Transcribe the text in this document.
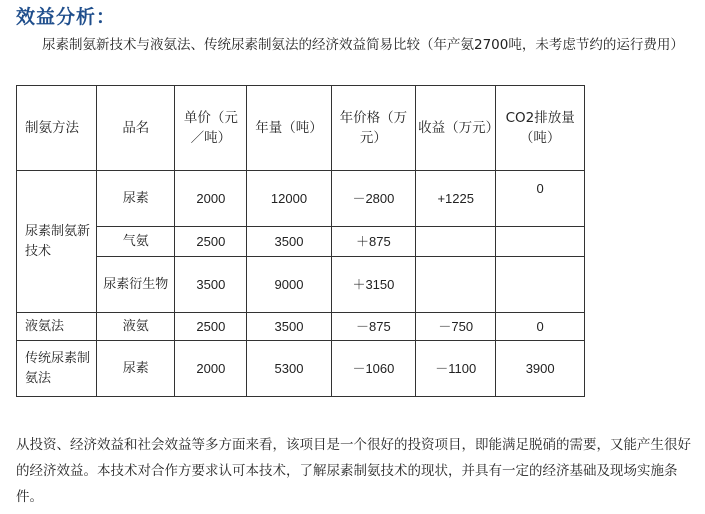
效益分析：
尿素制氨新技术与液氨法、传统尿素制氨法的经济效益简易比较（年产氨2700吨，未考虑节约的运行费用）
制氨方法	品名	单价（元／吨）	年量（吨）	年价格（万元）	收益（万元）	CO2排放量（吨）
尿素制氨新技术	尿素	2000	12000	－2800	+1225	0
	气氨	2500	3500	＋875		
	尿素衍生物	3500	9000	＋3150		
液氨法	液氨	2500	3500	－875	－750	0
传统尿素制氨法	尿素	2000	5300	－1060	－1100	3900
从投资、经济效益和社会效益等多方面来看，该项目是一个很好的投资项目，即能满足脱硝的需要，又能产生很好的经济效益。本技术对合作方要求认可本技术，了解尿素制氨技术的现状，并具有一定的经济基础及现场实施条件。
